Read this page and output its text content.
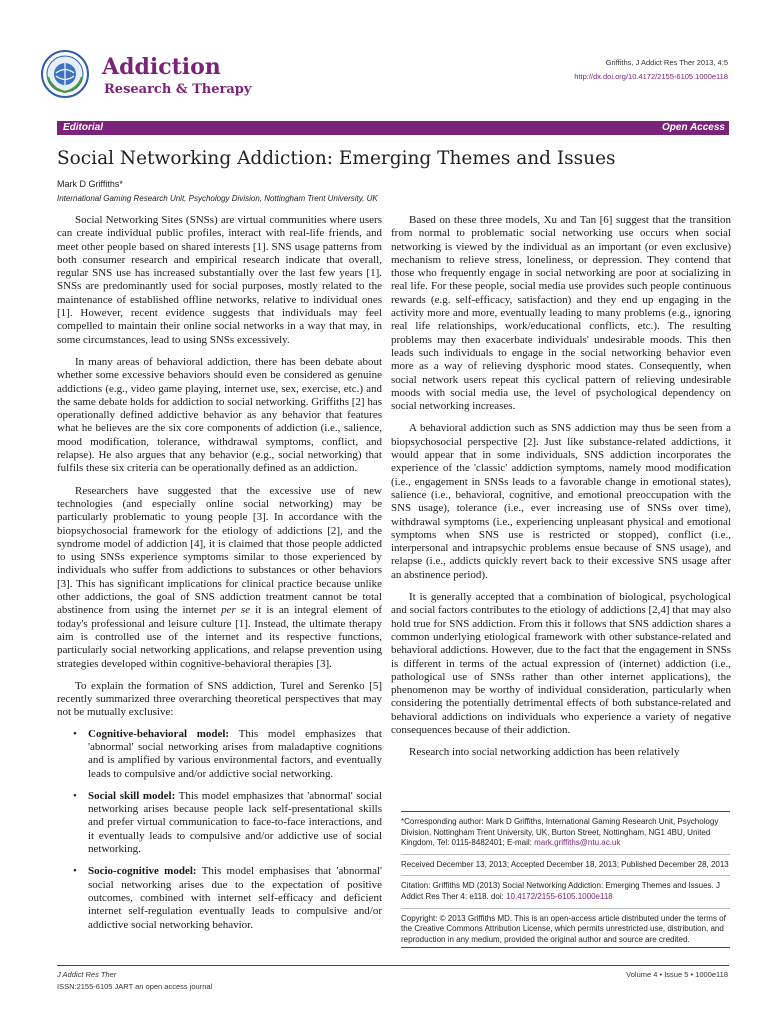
Addiction
Research & Therapy
Griffiths, J Addict Res Ther 2013, 4:5
http://dx.doi.org/10.4172/2155-6105.1000e118
Editorial	Open Access
Social Networking Addiction: Emerging Themes and Issues
Mark D Griffiths*
International Gaming Research Unit, Psychology Division, Nottingham Trent University, UK

Social Networking Sites (SNSs) are virtual communities where users can create individual public profiles, interact with real-life friends, and meet other people based on shared interests [1]. SNS usage patterns from both consumer research and empirical research indicate that overall, regular SNS use has increased substantially over the last few years [1]. SNSs are predominantly used for social purposes, mostly related to the maintenance of established offline networks, relative to individual ones [1]. However, recent evidence suggests that individuals may feel compelled to maintain their online social networks in a way that may, in some circumstances, lead to using SNSs excessively.

In many areas of behavioral addiction, there has been debate about whether some excessive behaviors should even be considered as genuine addictions (e.g., video game playing, internet use, sex, exercise, etc.) and the same debate holds for addiction to social networking. Griffiths [2] has operationally defined addictive behavior as any behavior that features what he believes are the six core components of addiction (i.e., salience, mood modification, tolerance, withdrawal symptoms, conflict, and relapse). He also argues that any behavior (e.g., social networking) that fulfils these six criteria can be operationally defined as an addiction.

Researchers have suggested that the excessive use of new technologies (and especially online social networking) may be particularly problematic to young people [3]. In accordance with the biopsychosocial framework for the etiology of addictions [2], and the syndrome model of addiction [4], it is claimed that those people addicted to using SNSs experience symptoms similar to those experienced by individuals who suffer from addictions to substances or other behaviors [3]. This has significant implications for clinical practice because unlike other addictions, the goal of SNS addiction treatment cannot be total abstinence from using the internet per se it is an integral element of today's professional and leisure culture [1]. Instead, the ultimate therapy aim is controlled use of the internet and its respective functions, particularly social networking applications, and relapse prevention using strategies developed within cognitive-behavioral therapies [3].

To explain the formation of SNS addiction, Turel and Serenko [5] recently summarized three overarching theoretical perspectives that may not be mutually exclusive:

• Cognitive-behavioral model: This model emphasizes that 'abnormal' social networking arises from maladaptive cognitions and is amplified by various environmental factors, and eventually leads to compulsive and/or addictive social networking.
• Social skill model: This model emphasizes that 'abnormal' social networking arises because people lack self-presentational skills and prefer virtual communication to face-to-face interactions, and it eventually leads to compulsive and/or addictive use of social networking.
• Socio-cognitive model: This model emphasises that 'abnormal' social networking arises due to the expectation of positive outcomes, combined with internet self-efficacy and deficient internet self-regulation eventually leads to compulsive and/or addictive social networking behavior.

Based on these three models, Xu and Tan [6] suggest that the transition from normal to problematic social networking use occurs when social networking is viewed by the individual as an important (or even exclusive) mechanism to relieve stress, loneliness, or depression. They contend that those who frequently engage in social networking are poor at socializing in real life. For these people, social media use provides such people continuous rewards (e.g. self-efficacy, satisfaction) and they end up engaging in the activity more and more, eventually leading to many problems (e.g., ignoring real life relationships, work/educational conflicts, etc.). The resulting problems may then exacerbate individuals' undesirable moods. This then leads such individuals to engage in the social networking behavior even more as a way of relieving dysphoric mood states. Consequently, when social network users repeat this cyclical pattern of relieving undesirable moods with social media use, the level of psychological dependency on social networking increases.

A behavioral addiction such as SNS addiction may thus be seen from a biopsychosocial perspective [2]. Just like substance-related addictions, it would appear that in some individuals, SNS addiction incorporates the experience of the 'classic' addiction symptoms, namely mood modification (i.e., engagement in SNSs leads to a favorable change in emotional states), salience (i.e., behavioral, cognitive, and emotional preoccupation with the SNS usage), tolerance (i.e., ever increasing use of SNSs over time), withdrawal symptoms (i.e., experiencing unpleasant physical and emotional symptoms when SNS use is restricted or stopped), conflict (i.e., interpersonal and intrapsychic problems ensue because of SNS usage), and relapse (i.e., addicts quickly revert back to their excessive SNS usage after an abstinence period).

It is generally accepted that a combination of biological, psychological and social factors contributes to the etiology of addictions [2,4] that may also hold true for SNS addiction. From this it follows that SNS addiction shares a common underlying etiological framework with other substance-related and behavioral addictions. However, due to the fact that the engagement in SNSs is different in terms of the actual expression of (internet) addiction (i.e., pathological use of SNSs rather than other internet applications), the phenomenon may be worthy of individual consideration, particularly when considering the potentially detrimental effects of both substance-related and behavioral addictions on individuals who experience a variety of negative consequences because of their addiction.

Research into social networking addiction has been relatively

*Corresponding author: Mark D Griffiths, International Gaming Research Unit, Psychology Division, Nottingham Trent University, UK, Burton Street, Nottingham, NG1 4BU, United Kingdom, Tel: 0115-8482401; E-mail: mark.griffiths@ntu.ac.uk
Received December 13, 2013; Accepted December 18, 2013; Published December 28, 2013
Citation: Griffiths MD (2013) Social Networking Addiction: Emerging Themes and Issues. J Addict Res Ther 4: e118. doi: 10.4172/2155-6105.1000e118
Copyright: © 2013 Griffiths MD. This is an open-access article distributed under the terms of the Creative Commons Attribution License, which permits unrestricted use, distribution, and reproduction in any medium, provided the original author and source are credited.
J Addict Res Ther
ISSN:2155-6105 JART an open access journal
Volume 4 • Issue 5 • 1000e118
